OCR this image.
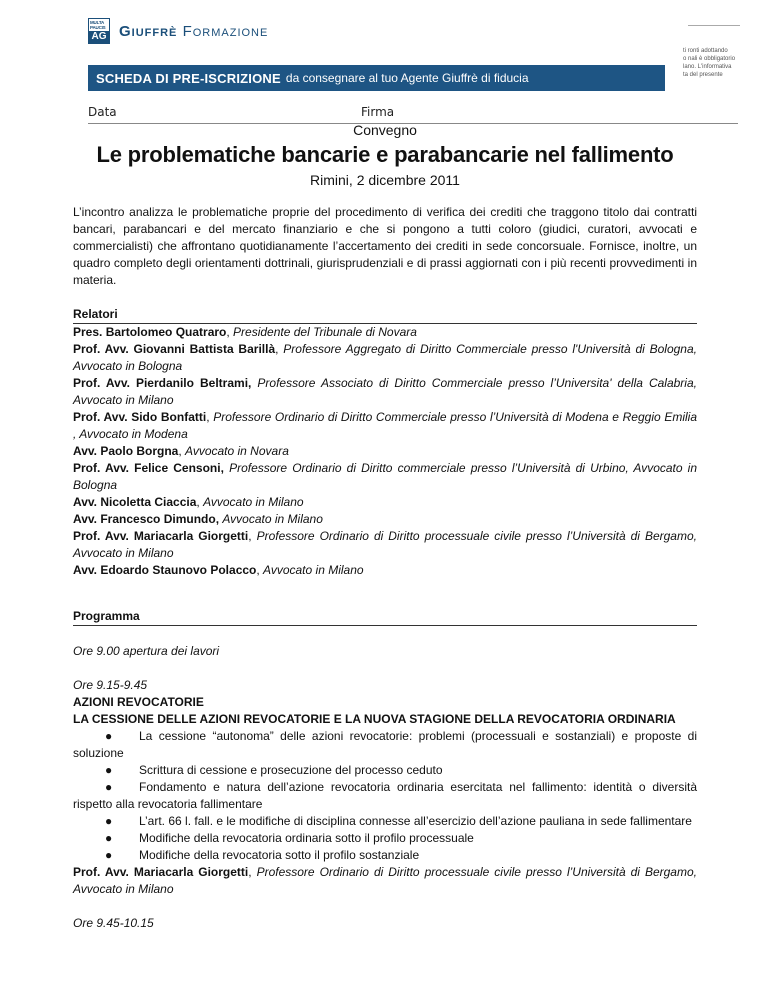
MULTA
PAUCIS
AG Giuffrè Formazione
SCHEDA DI PRE-ISCRIZIONE da consegnare al tuo Agente Giuffrè di fiducia
ti ronti adottando
o nali è obbligatorio
lano. L'informativa
ta del presente
Data	Firma
Convegno
Le problematiche bancarie e parabancarie nel fallimento
Rimini, 2 dicembre 2011
L’incontro analizza le problematiche proprie del procedimento di verifica dei crediti che traggono titolo dai contratti bancari, parabancari e del mercato finanziario e che si pongono a tutti coloro (giudici, curatori, avvocati e commercialisti) che affrontano quotidianamente l’accertamento dei crediti in sede concorsuale. Fornisce, inoltre, un quadro completo degli orientamenti dottrinali, giurisprudenziali e di prassi aggiornati con i più recenti provvedimenti in materia.
Relatori
Pres. Bartolomeo Quatraro, Presidente del Tribunale di Novara
Prof. Avv. Giovanni Battista Barillà, Professore Aggregato di Diritto Commerciale presso l'Università di Bologna, Avvocato in Bologna
Prof. Avv. Pierdanilo Beltrami, Professore Associato di Diritto Commerciale presso l’Universita' della Calabria, Avvocato in Milano
Prof. Avv. Sido Bonfatti, Professore Ordinario di Diritto Commerciale presso l’Università di Modena e Reggio Emilia , Avvocato in Modena
Avv. Paolo Borgna, Avvocato in Novara
Prof. Avv. Felice Censoni, Professore Ordinario di Diritto commerciale presso l’Università di Urbino, Avvocato in Bologna
Avv. Nicoletta Ciaccia, Avvocato in Milano
Avv. Francesco Dimundo, Avvocato in Milano
Prof. Avv. Mariacarla Giorgetti, Professore Ordinario di Diritto processuale civile presso l’Università di Bergamo, Avvocato in Milano
Avv. Edoardo Staunovo Polacco, Avvocato in Milano
Programma
Ore 9.00 apertura dei lavori
Ore 9.15-9.45
AZIONI REVOCATORIE
LA CESSIONE DELLE AZIONI REVOCATORIE E LA NUOVA STAGIONE DELLA REVOCATORIA ORDINARIA
● La cessione “autonoma” delle azioni revocatorie: problemi (processuali e sostanziali) e proposte di soluzione
● Scrittura di cessione e prosecuzione del processo ceduto
● Fondamento e natura dell’azione revocatoria ordinaria esercitata nel fallimento: identità o diversità rispetto alla revocatoria fallimentare
● L’art. 66 l. fall. e le modifiche di disciplina connesse all’esercizio dell’azione pauliana in sede fallimentare
● Modifiche della revocatoria ordinaria sotto il profilo processuale
● Modifiche della revocatoria sotto il profilo sostanziale
Prof. Avv. Mariacarla Giorgetti, Professore Ordinario di Diritto processuale civile presso l’Università di Bergamo, Avvocato in Milano
Ore 9.45-10.15
